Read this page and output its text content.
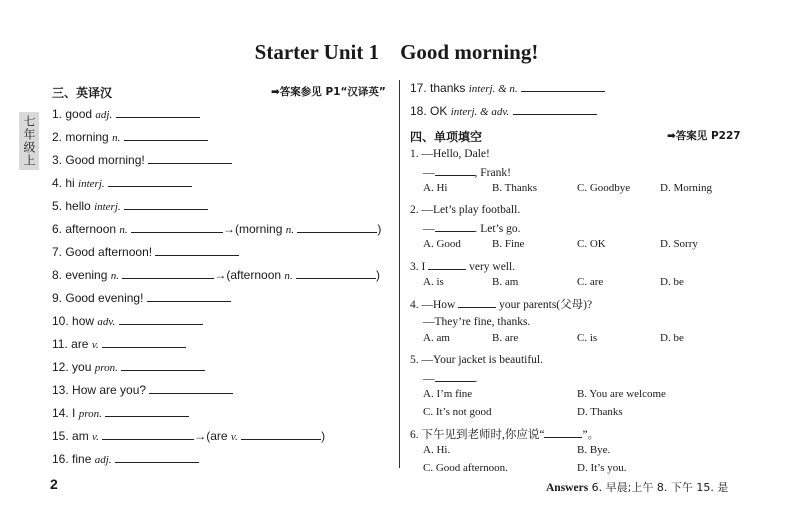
Starter Unit 1    Good morning!
七年级上
三、英译汉	➡答案参见 P1“汉译英”
1. good adj.
2. morning n.
3. Good morning!
4. hi interj.
5. hello interj.
6. afternoon n.	→(morning n.	)
7. Good afternoon!
8. evening n.	→(afternoon n.	)
9. Good evening!
10. how adv.
11. are v.
12. you pron.
13. How are you?
14. I pron.
15. am v.	→(are v.	)
16. fine adj.
17. thanks interj. & n.
18. OK interj. & adv.
四、单项填空	➡答案见 P227
1. —Hello, Dale!
—	, Frank!
A. Hi	B. Thanks	C. Goodbye	D. Morning
2. —Let’s play football.
—	. Let’s go.
A. Good	B. Fine	C. OK	D. Sorry
3. I	very well.
A. is	B. am	C. are	D. be
4. —How	your parents(父母)?
—They’re fine, thanks.
A. am	B. are	C. is	D. be
5. —Your jacket is beautiful.
—	.
A. I’m fine	B. You are welcome
C. It’s not good	D. Thanks
6. 下午见到老师时,你应说“	”。
A. Hi.	B. Bye.
C. Good afternoon.	D. It’s you.
2	Answers 6. 早晨;上午 8. 下午 15. 是
